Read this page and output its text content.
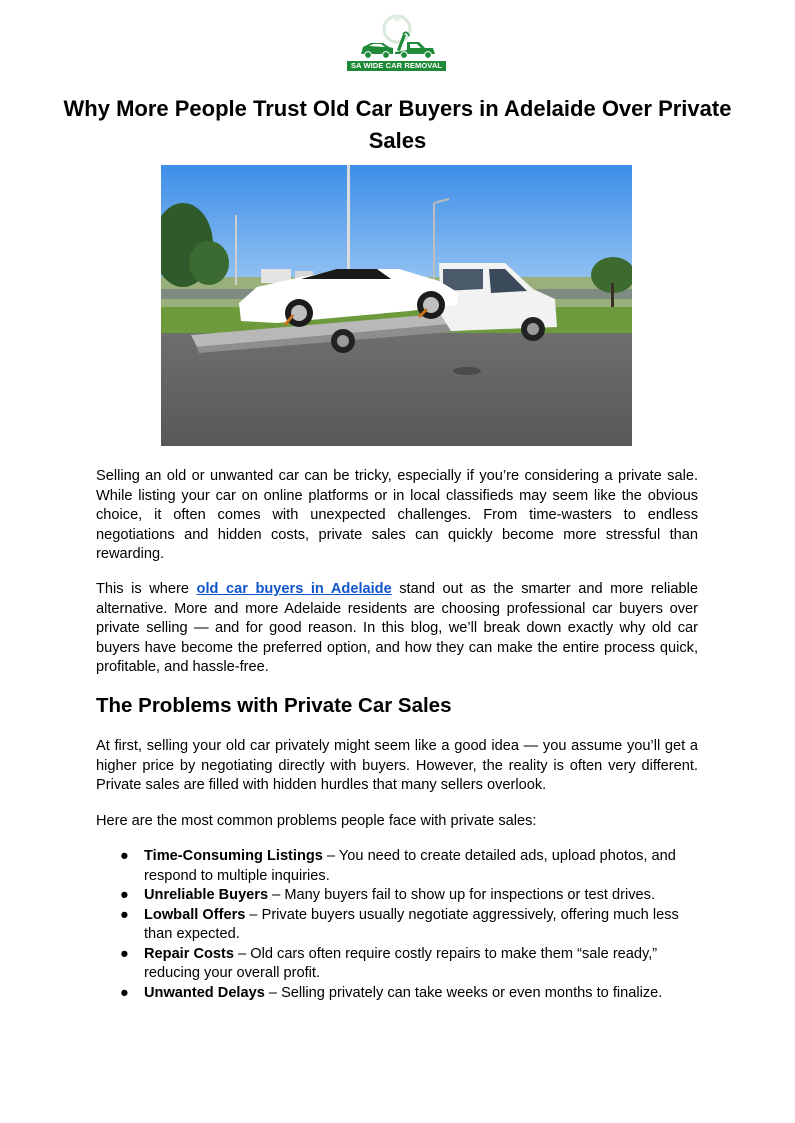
SA WIDE CAR REMOVAL
Why More People Trust Old Car Buyers in Adelaide Over Private Sales

Selling an old or unwanted car can be tricky, especially if you’re considering a private sale. While listing your car on online platforms or in local classifieds may seem like the obvious choice, it often comes with unexpected challenges. From time-wasters to endless negotiations and hidden costs, private sales can quickly become more stressful than rewarding.

This is where old car buyers in Adelaide stand out as the smarter and more reliable alternative. More and more Adelaide residents are choosing professional car buyers over private selling — and for good reason. In this blog, we’ll break down exactly why old car buyers have become the preferred option, and how they can make the entire process quick, profitable, and hassle-free.

The Problems with Private Car Sales

At first, selling your old car privately might seem like a good idea — you assume you’ll get a higher price by negotiating directly with buyers. However, the reality is often very different. Private sales are filled with hidden hurdles that many sellers overlook.

Here are the most common problems people face with private sales:

● Time-Consuming Listings – You need to create detailed ads, upload photos, and respond to multiple inquiries.
● Unreliable Buyers – Many buyers fail to show up for inspections or test drives.
● Lowball Offers – Private buyers usually negotiate aggressively, offering much less than expected.
● Repair Costs – Old cars often require costly repairs to make them “sale ready,” reducing your overall profit.
● Unwanted Delays – Selling privately can take weeks or even months to finalize.
